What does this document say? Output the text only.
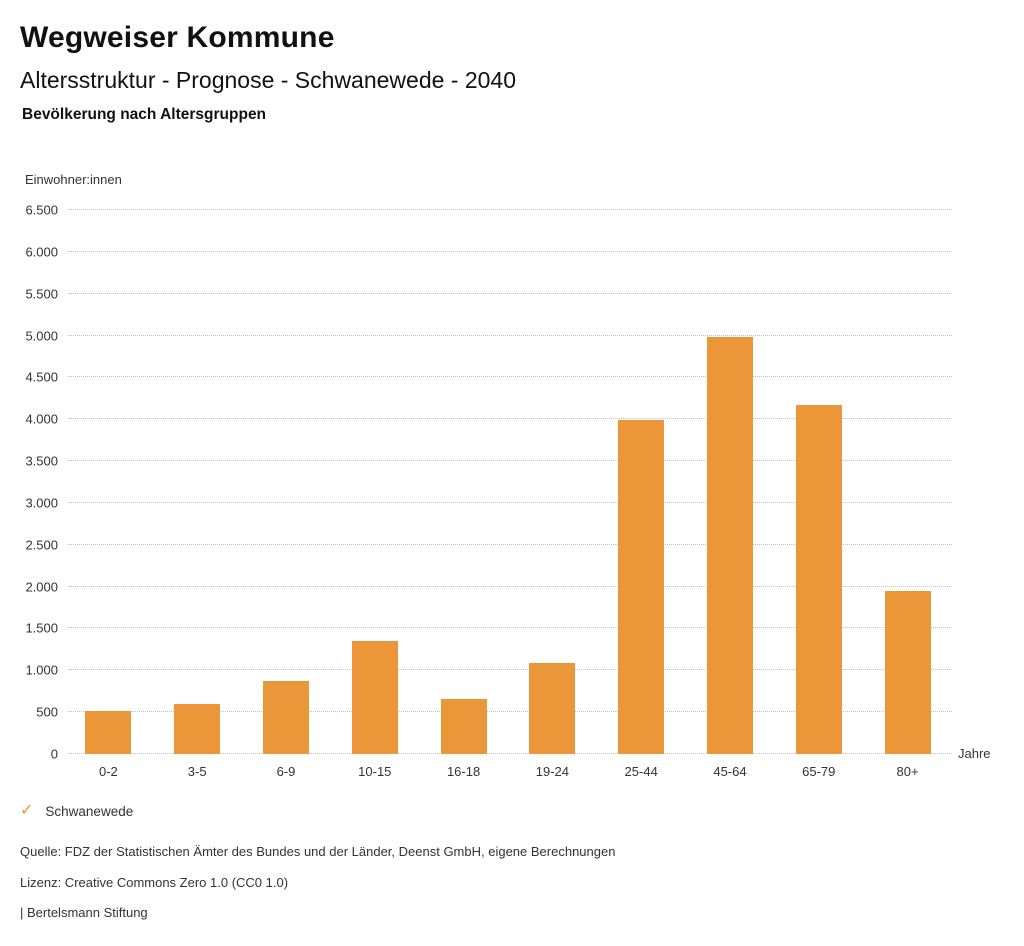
Wegweiser Kommune
Altersstruktur - Prognose - Schwanewede - 2040
Bevölkerung nach Altersgruppen
Einwohner:innen
0
500
1.000
1.500
2.000
2.500
3.000
3.500
4.000
4.500
5.000
5.500
6.000
6.500
0-2	3-5	6-9	10-15	16-18	19-24	25-44	45-64	65-79	80+
Jahre
✓ Schwanewede
Quelle: FDZ der Statistischen Ämter des Bundes und der Länder, Deenst GmbH, eigene Berechnungen
Lizenz: Creative Commons Zero 1.0 (CC0 1.0)
| Bertelsmann Stiftung
